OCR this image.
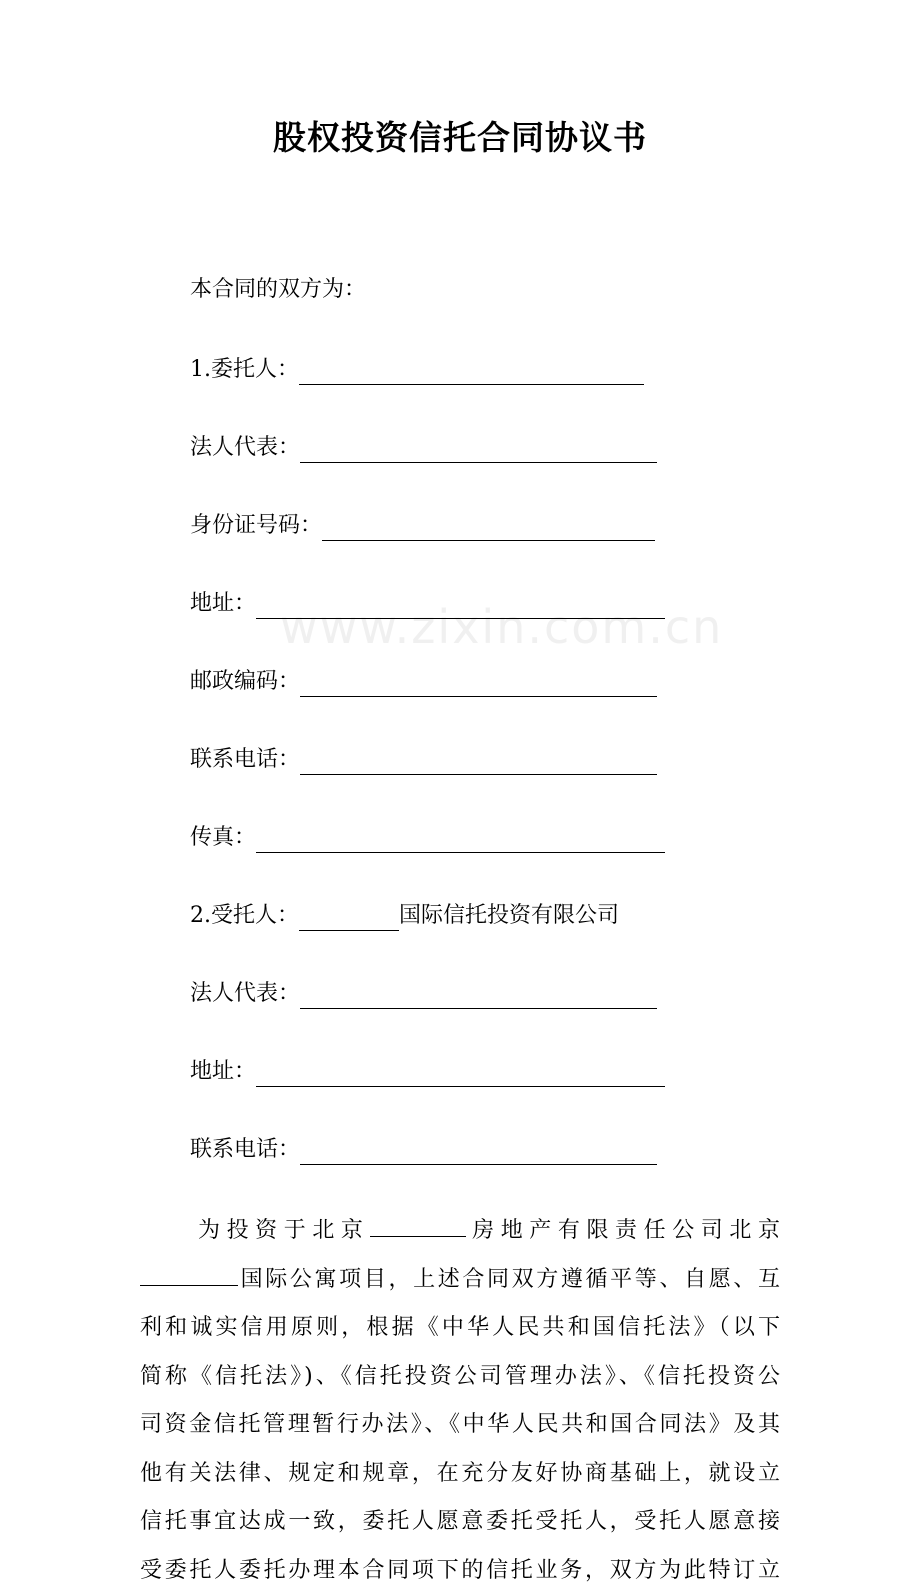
www.zixin.com.cn
股权投资信托合同协议书
本合同的双方为：
1.委托人：
法人代表：
身份证号码：
地址：
邮政编码：
联系电话：
传真：
2.受托人：	国际信托投资有限公司
法人代表：
地址：
联系电话：
为投资于北京	房地产有限责任公司北京
国际公寓项目，上述合同双方遵循平等、自愿、互
利和诚实信用原则，根据《中华人民共和国信托法》（以下
简称《信托法》)、《信托投资公司管理办法》、《信托投资公
司资金信托管理暂行办法》、《中华人民共和国合同法》及其
他有关法律、规定和规章，在充分友好协商基础上，就设立
信托事宜达成一致，委托人愿意委托受托人，受托人愿意接
受委托人委托办理本合同项下的信托业务，双方为此特订立
